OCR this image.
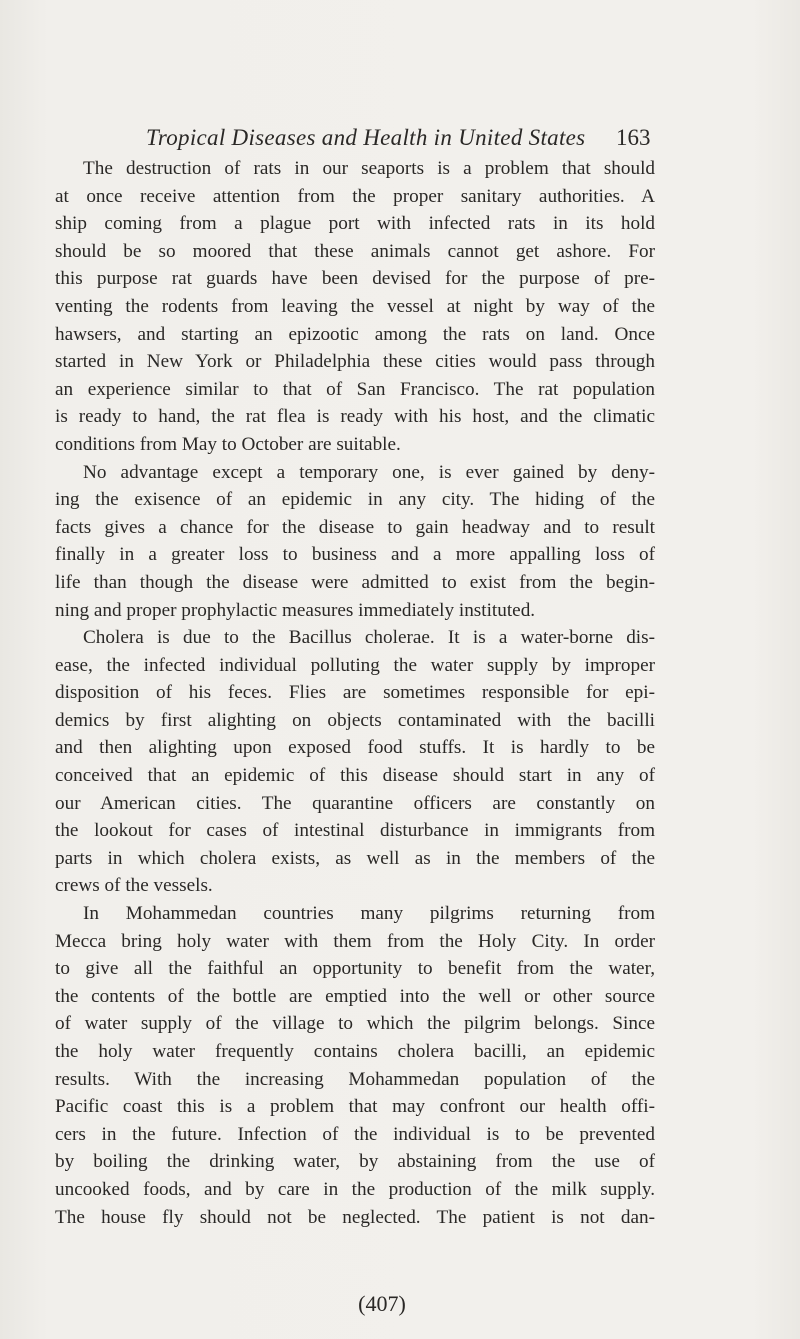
Tropical Diseases and Health in United States 163
The destruction of rats in our seaports is a problem that should
at once receive attention from the proper sanitary authorities. A
ship coming from a plague port with infected rats in its hold
should be so moored that these animals cannot get ashore. For
this purpose rat guards have been devised for the purpose of pre-
venting the rodents from leaving the vessel at night by way of the
hawsers, and starting an epizootic among the rats on land. Once
started in New York or Philadelphia these cities would pass through
an experience similar to that of San Francisco. The rat population
is ready to hand, the rat flea is ready with his host, and the climatic
conditions from May to October are suitable.
No advantage except a temporary one, is ever gained by deny-
ing the exisence of an epidemic in any city. The hiding of the
facts gives a chance for the disease to gain headway and to result
finally in a greater loss to business and a more appalling loss of
life than though the disease were admitted to exist from the begin-
ning and proper prophylactic measures immediately instituted.
Cholera is due to the Bacillus cholerae. It is a water-borne dis-
ease, the infected individual polluting the water supply by improper
disposition of his feces. Flies are sometimes responsible for epi-
demics by first alighting on objects contaminated with the bacilli
and then alighting upon exposed food stuffs. It is hardly to be
conceived that an epidemic of this disease should start in any of
our American cities. The quarantine officers are constantly on
the lookout for cases of intestinal disturbance in immigrants from
parts in which cholera exists, as well as in the members of the
crews of the vessels.
In Mohammedan countries many pilgrims returning from
Mecca bring holy water with them from the Holy City. In order
to give all the faithful an opportunity to benefit from the water,
the contents of the bottle are emptied into the well or other source
of water supply of the village to which the pilgrim belongs. Since
the holy water frequently contains cholera bacilli, an epidemic
results. With the increasing Mohammedan population of the
Pacific coast this is a problem that may confront our health offi-
cers in the future. Infection of the individual is to be prevented
by boiling the drinking water, by abstaining from the use of
uncooked foods, and by care in the production of the milk supply.
The house fly should not be neglected. The patient is not dan-
(407)
